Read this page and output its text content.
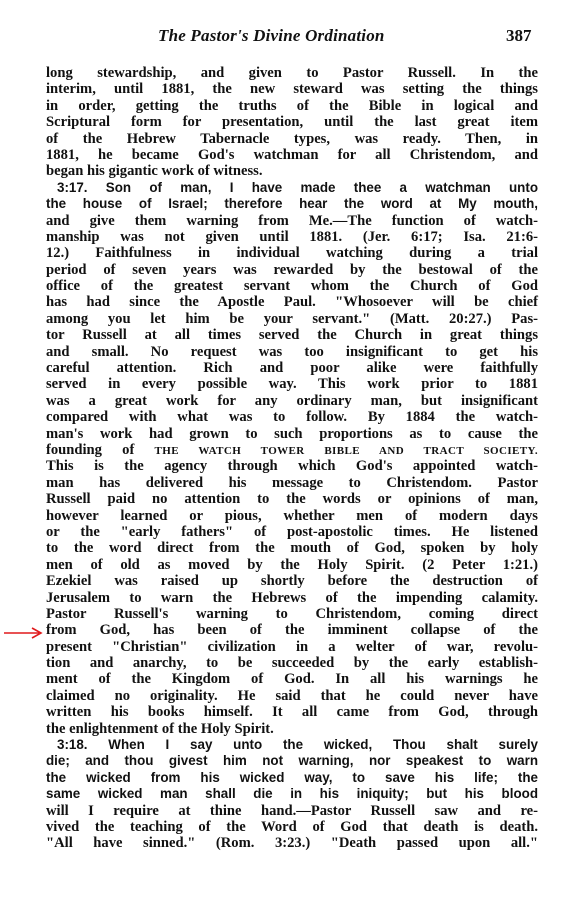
The Pastor's Divine Ordination	387
long stewardship, and given to Pastor Russell. In the
interim, until 1881, the new steward was setting the things
in order, getting the truths of the Bible in logical and
Scriptural form for presentation, until the last great item
of the Hebrew Tabernacle types, was ready. Then, in
1881, he became God's watchman for all Christendom, and
began his gigantic work of witness.
3:17. Son of man, I have made thee a watchman unto
the house of Israel; therefore hear the word at My mouth,
and give them warning from Me.—The function of watch-
manship was not given until 1881. (Jer. 6:17; Isa. 21:6-
12.) Faithfulness in individual watching during a trial
period of seven years was rewarded by the bestowal of the
office of the greatest servant whom the Church of God
has had since the Apostle Paul. "Whosoever will be chief
among you let him be your servant." (Matt. 20:27.) Pas-
tor Russell at all times served the Church in great things
and small. No request was too insignificant to get his
careful attention. Rich and poor alike were faithfully
served in every possible way. This work prior to 1881
was a great work for any ordinary man, but insignificant
compared with what was to follow. By 1884 the watch-
man's work had grown to such proportions as to cause the
founding of THE WATCH TOWER BIBLE AND TRACT SOCIETY.
This is the agency through which God's appointed watch-
man has delivered his message to Christendom. Pastor
Russell paid no attention to the words or opinions of man,
however learned or pious, whether men of modern days
or the "early fathers" of post-apostolic times. He listened
to the word direct from the mouth of God, spoken by holy
men of old as moved by the Holy Spirit. (2 Peter 1:21.)
Ezekiel was raised up shortly before the destruction of
Jerusalem to warn the Hebrews of the impending calamity.
Pastor Russell's warning to Christendom, coming direct
from God, has been of the imminent collapse of the
present "Christian" civilization in a welter of war, revolu-
tion and anarchy, to be succeeded by the early establish-
ment of the Kingdom of God. In all his warnings he
claimed no originality. He said that he could never have
written his books himself. It all came from God, through
the enlightenment of the Holy Spirit.
3:18. When I say unto the wicked, Thou shalt surely
die; and thou givest him not warning, nor speakest to warn
the wicked from his wicked way, to save his life; the
same wicked man shall die in his iniquity; but his blood
will I require at thine hand.—Pastor Russell saw and re-
vived the teaching of the Word of God that death is death.
"All have sinned." (Rom. 3:23.) "Death passed upon all."
